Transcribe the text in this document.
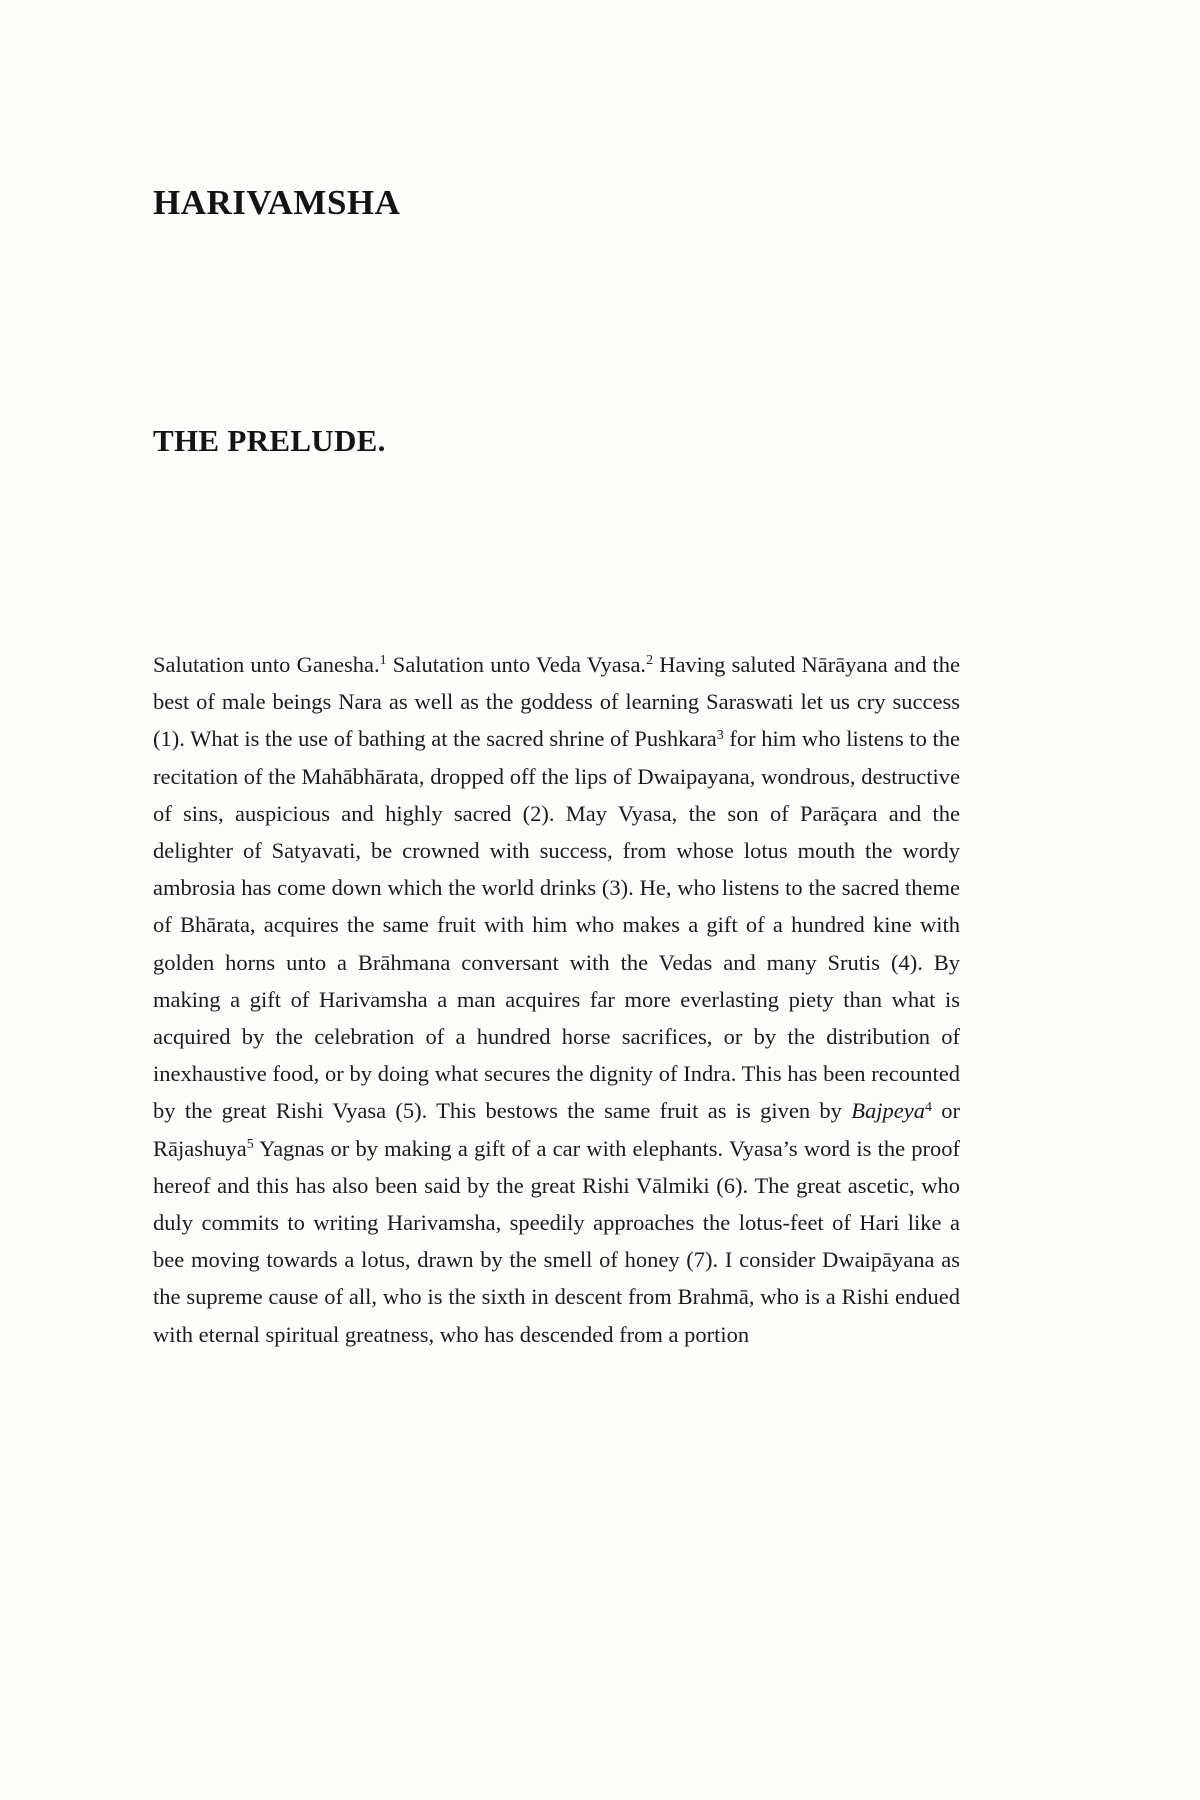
HARIVAMSHA
THE PRELUDE.

Salutation unto Ganesha.$^1$ Salutation unto Veda Vyasa.$^2$ Having saluted Nārāyana and the best of male beings Nara as well as the goddess of learning Saraswati let us cry success (1). What is the use of bathing at the sacred shrine of Pushkara$^3$ for him who listens to the recitation of the Mahābhārata, dropped off the lips of Dwaipayana, wondrous, destructive of sins, auspicious and highly sacred (2). May Vyasa, the son of Parāçara and the delighter of Satyavati, be crowned with success, from whose lotus mouth the wordy ambrosia has come down which the world drinks (3). He, who listens to the sacred theme of Bhārata, acquires the same fruit with him who makes a gift of a hundred kine with golden horns unto a Brāhmana conversant with the Vedas and many Srutis (4). By making a gift of Harivamsha a man acquires far more everlasting piety than what is acquired by the celebration of a hundred horse sacrifices, or by the distribution of inexhaustive food, or by doing what secures the dignity of Indra. This has been recounted by the great Rishi Vyasa (5). This bestows the same fruit as is given by Bajpeya$^4$ or Rājashuya$^5$ Yagnas or by making a gift of a car with elephants. Vyasa’s word is the proof hereof and this has also been said by the great Rishi Vālmiki (6). The great ascetic, who duly commits to writing Harivamsha, speedily approaches the lotus-feet of Hari like a bee moving towards a lotus, drawn by the smell of honey (7). I consider Dwaipāyana as the supreme cause of all, who is the sixth in descent from Brahmā, who is a Rishi endued with eternal spiritual greatness, who has descended from a portion
